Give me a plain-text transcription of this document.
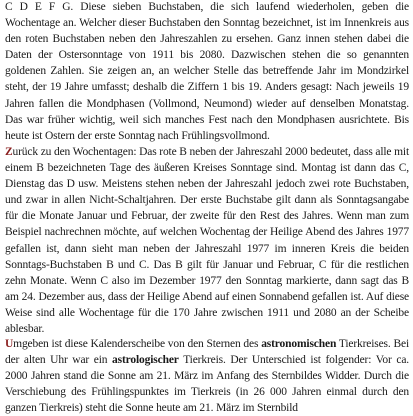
C D E F G. Diese sieben Buchstaben, die sich laufend wiederholen, geben die Wochentage an. Welcher dieser Buchstaben den Sonntag bezeichnet, ist im Innenkreis aus den roten Buchstaben neben den Jahreszahlen zu ersehen. Ganz innen stehen dabei die Daten der Ostersonntage von 1911 bis 2080. Dazwischen stehen die so genannten goldenen Zahlen. Sie zeigen an, an welcher Stelle das betreffende Jahr im Mondzirkel steht, der 19 Jahre umfasst; deshalb die Ziffern 1 bis 19. Anders gesagt: Nach jeweils 19 Jahren fallen die Mondphasen (Vollmond, Neumond) wieder auf denselben Monatstag. Das war früher wichtig, weil sich manches Fest nach den Mondphasen ausrichtete. Bis heute ist Ostern der erste Sonntag nach Frühlingsvollmond.

Zurück zu den Wochentagen: Das rote B neben der Jahreszahl 2000 bedeutet, dass alle mit einem B bezeichneten Tage des äußeren Kreises Sonntage sind. Montag ist dann das C, Dienstag das D usw. Meistens stehen neben der Jahreszahl jedoch zwei rote Buchstaben, und zwar in allen Nicht-Schaltjahren. Der erste Buchstabe gilt dann als Sonntagsangabe für die Monate Januar und Februar, der zweite für den Rest des Jahres. Wenn man zum Beispiel nachrechnen möchte, auf welchen Wochentag der Heilige Abend des Jahres 1977 gefallen ist, dann sieht man neben der Jahreszahl 1977 im inneren Kreis die beiden Sonntags-Buchstaben B und C. Das B gilt für Januar und Februar, C für die restlichen zehn Monate. Wenn C also im Dezember 1977 den Sonntag markierte, dann sagt das B am 24. Dezember aus, dass der Heilige Abend auf einen Sonnabend gefallen ist. Auf diese Weise sind alle Wochentage für die 170 Jahre zwischen 1911 und 2080 an der Scheibe ablesbar.

Umgeben ist diese Kalenderscheibe von den Sternen des astronomischen Tierkreises. Bei der alten Uhr war ein astrologischer Tierkreis. Der Unterschied ist folgender: Vor ca. 2000 Jahren stand die Sonne am 21. März im Anfang des Sternbildes Widder. Durch die Verschiebung des Frühlingspunktes im Tierkreis (in 26 000 Jahren einmal durch den ganzen Tierkreis) steht die Sonne heute am 21. März im Sternbild
